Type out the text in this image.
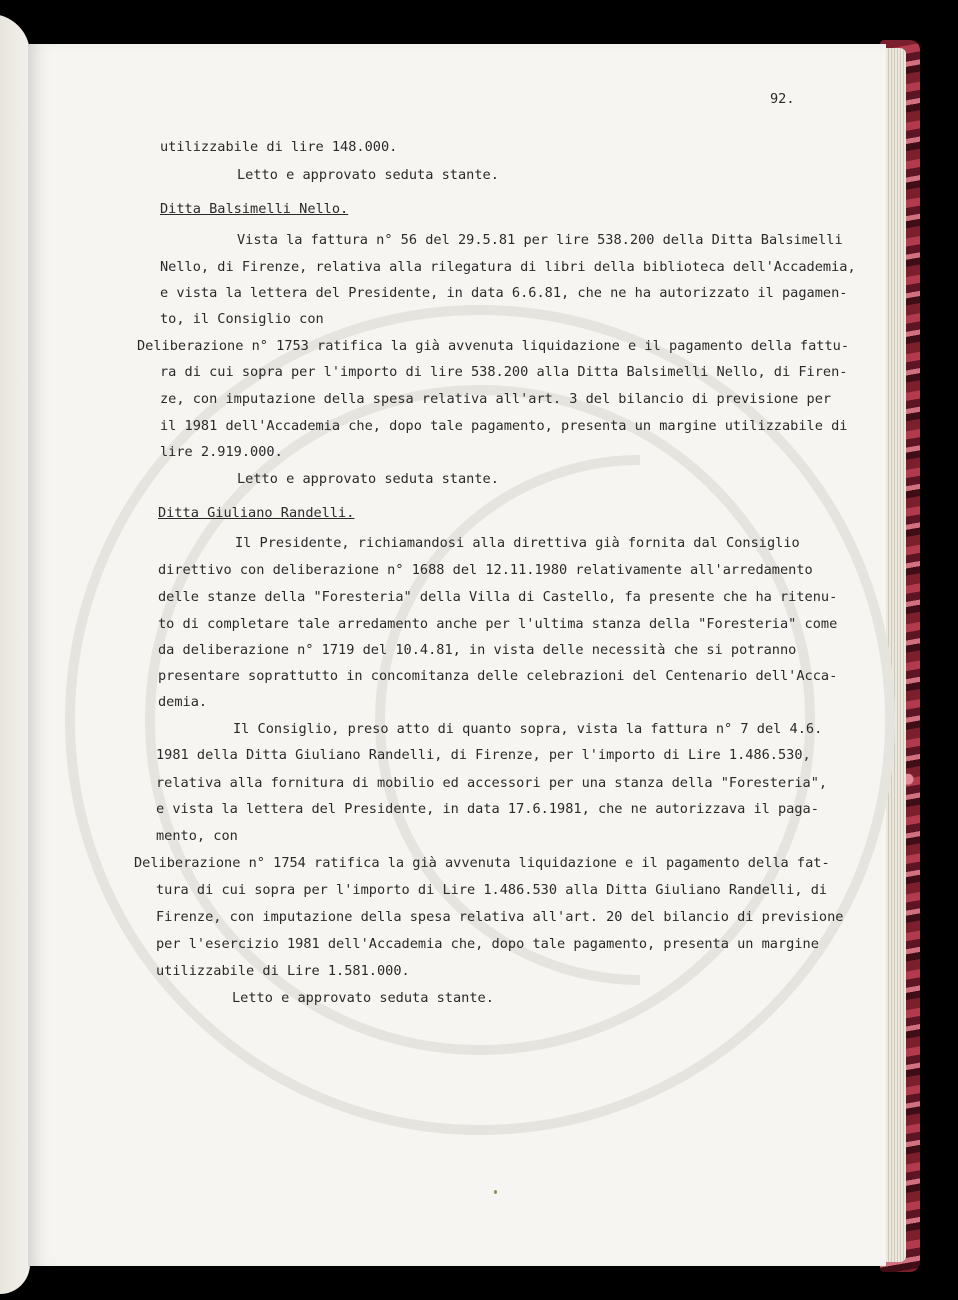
92.
utilizzabile di lire 148.000.
Letto e approvato seduta stante.
Ditta Balsimelli Nello.
Vista la fattura n° 56 del 29.5.81 per lire 538.200 della Ditta Balsimelli
Nello, di Firenze, relativa alla rilegatura di libri della biblioteca dell'Accademia,
e vista la lettera del Presidente, in data 6.6.81, che ne ha autorizzato il pagamen-
to, il Consiglio con
Deliberazione n° 1753 ratifica la già avvenuta liquidazione e il pagamento della fattu-
ra di cui sopra per l'importo di lire 538.200 alla Ditta Balsimelli Nello, di Firen-
ze, con imputazione della spesa relativa all'art. 3 del bilancio di previsione per
il 1981 dell'Accademia che, dopo tale pagamento, presenta un margine utilizzabile di
lire 2.919.000.
Letto e approvato seduta stante.
Ditta Giuliano Randelli.
Il Presidente, richiamandosi alla direttiva già fornita dal Consiglio
direttivo con deliberazione n° 1688 del 12.11.1980 relativamente all'arredamento
delle stanze della "Foresteria" della Villa di Castello, fa presente che ha ritenu-
to di completare tale arredamento anche per l'ultima stanza della "Foresteria" come
da deliberazione n° 1719 del 10.4.81, in vista delle necessità che si potranno
presentare soprattutto in concomitanza delle celebrazioni del Centenario dell'Acca-
demia.
Il Consiglio, preso atto di quanto sopra, vista la fattura n° 7 del 4.6.
1981 della Ditta Giuliano Randelli, di Firenze, per l'importo di Lire 1.486.530,
relativa alla fornitura di mobilio ed accessori per una stanza della "Foresteria",
e vista la lettera del Presidente, in data 17.6.1981, che ne autorizzava il paga-
mento, con
Deliberazione n° 1754 ratifica la già avvenuta liquidazione e il pagamento della fat-
tura di cui sopra per l'importo di Lire 1.486.530 alla Ditta Giuliano Randelli, di
Firenze, con imputazione della spesa relativa all'art. 20 del bilancio di previsione
per l'esercizio 1981 dell'Accademia che, dopo tale pagamento, presenta un margine
utilizzabile di Lire 1.581.000.
Letto e approvato seduta stante.
